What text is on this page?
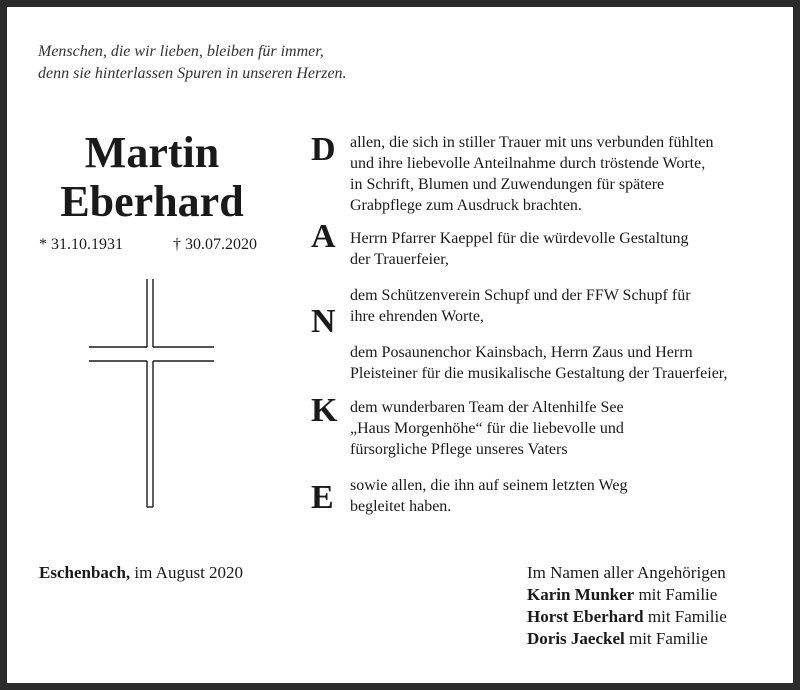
Menschen, die wir lieben, bleiben für immer,
denn sie hinterlassen Spuren in unseren Herzen.
Martin
Eberhard
* 31.10.1931	† 30.07.2020
D
A
N
K
E
allen, die sich in stiller Trauer mit uns verbunden fühlten
und ihre liebevolle Anteilnahme durch tröstende Worte,
in Schrift, Blumen und Zuwendungen für spätere
Grabpflege zum Ausdruck brachten.
Herrn Pfarrer Kaeppel für die würdevolle Gestaltung
der Trauerfeier,
dem Schützenverein Schupf und der FFW Schupf für
ihre ehrenden Worte,
dem Posaunenchor Kainsbach, Herrn Zaus und Herrn
Pleisteiner für die musikalische Gestaltung der Trauerfeier,
dem wunderbaren Team der Altenhilfe See
„Haus Morgenhöhe“ für die liebevolle und
fürsorgliche Pflege unseres Vaters
sowie allen, die ihn auf seinem letzten Weg
begleitet haben.
Eschenbach, im August 2020	Im Namen aller Angehörigen
Karin Munker mit Familie
Horst Eberhard mit Familie
Doris Jaeckel mit Familie
